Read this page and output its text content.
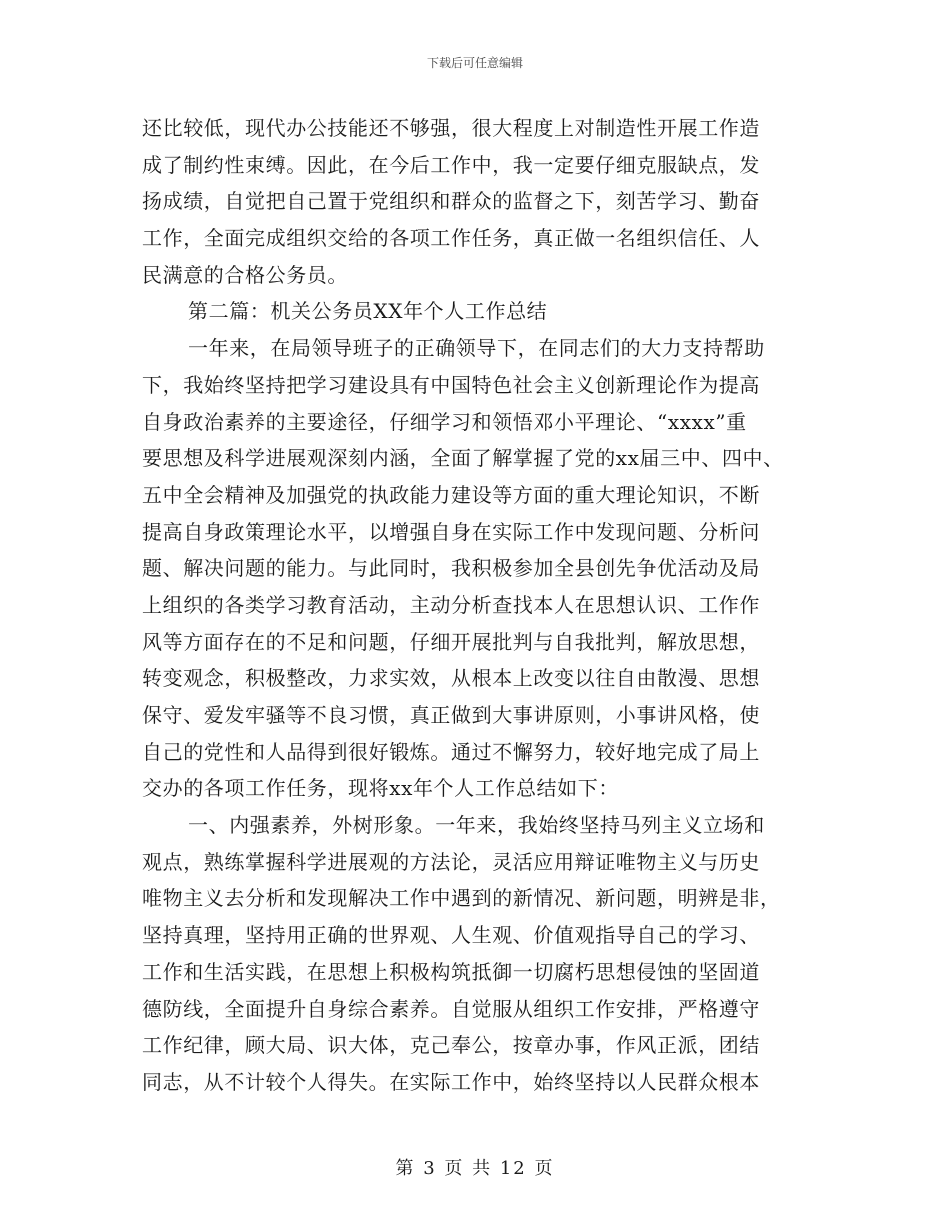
下载后可任意编辑
还比较低，现代办公技能还不够强，很大程度上对制造性开展工作造
成了制约性束缚。因此，在今后工作中，我一定要仔细克服缺点，发
扬成绩，自觉把自己置于党组织和群众的监督之下，刻苦学习、勤奋
工作，全面完成组织交给的各项工作任务，真正做一名组织信任、人
民满意的合格公务员。
第二篇：机关公务员XX年个人工作总结
一年来，在局领导班子的正确领导下，在同志们的大力支持帮助
下，我始终坚持把学习建设具有中国特色社会主义创新理论作为提高
自身政治素养的主要途径，仔细学习和领悟邓小平理论、“xxxx”重
要思想及科学进展观深刻内涵，全面了解掌握了党的xx届三中、四中、
五中全会精神及加强党的执政能力建设等方面的重大理论知识，不断
提高自身政策理论水平，以增强自身在实际工作中发现问题、分析问
题、解决问题的能力。与此同时，我积极参加全县创先争优活动及局
上组织的各类学习教育活动，主动分析查找本人在思想认识、工作作
风等方面存在的不足和问题，仔细开展批判与自我批判，解放思想，
转变观念，积极整改，力求实效，从根本上改变以往自由散漫、思想
保守、爱发牢骚等不良习惯，真正做到大事讲原则，小事讲风格，使
自己的党性和人品得到很好锻炼。通过不懈努力，较好地完成了局上
交办的各项工作任务，现将xx年个人工作总结如下：
一、内强素养，外树形象。一年来，我始终坚持马列主义立场和
观点，熟练掌握科学进展观的方法论，灵活应用辩证唯物主义与历史
唯物主义去分析和发现解决工作中遇到的新情况、新问题，明辨是非，
坚持真理，坚持用正确的世界观、人生观、价值观指导自己的学习、
工作和生活实践，在思想上积极构筑抵御一切腐朽思想侵蚀的坚固道
德防线，全面提升自身综合素养。自觉服从组织工作安排，严格遵守
工作纪律，顾大局、识大体，克己奉公，按章办事，作风正派，团结
同志，从不计较个人得失。在实际工作中，始终坚持以人民群众根本
第 3 页 共 12 页
